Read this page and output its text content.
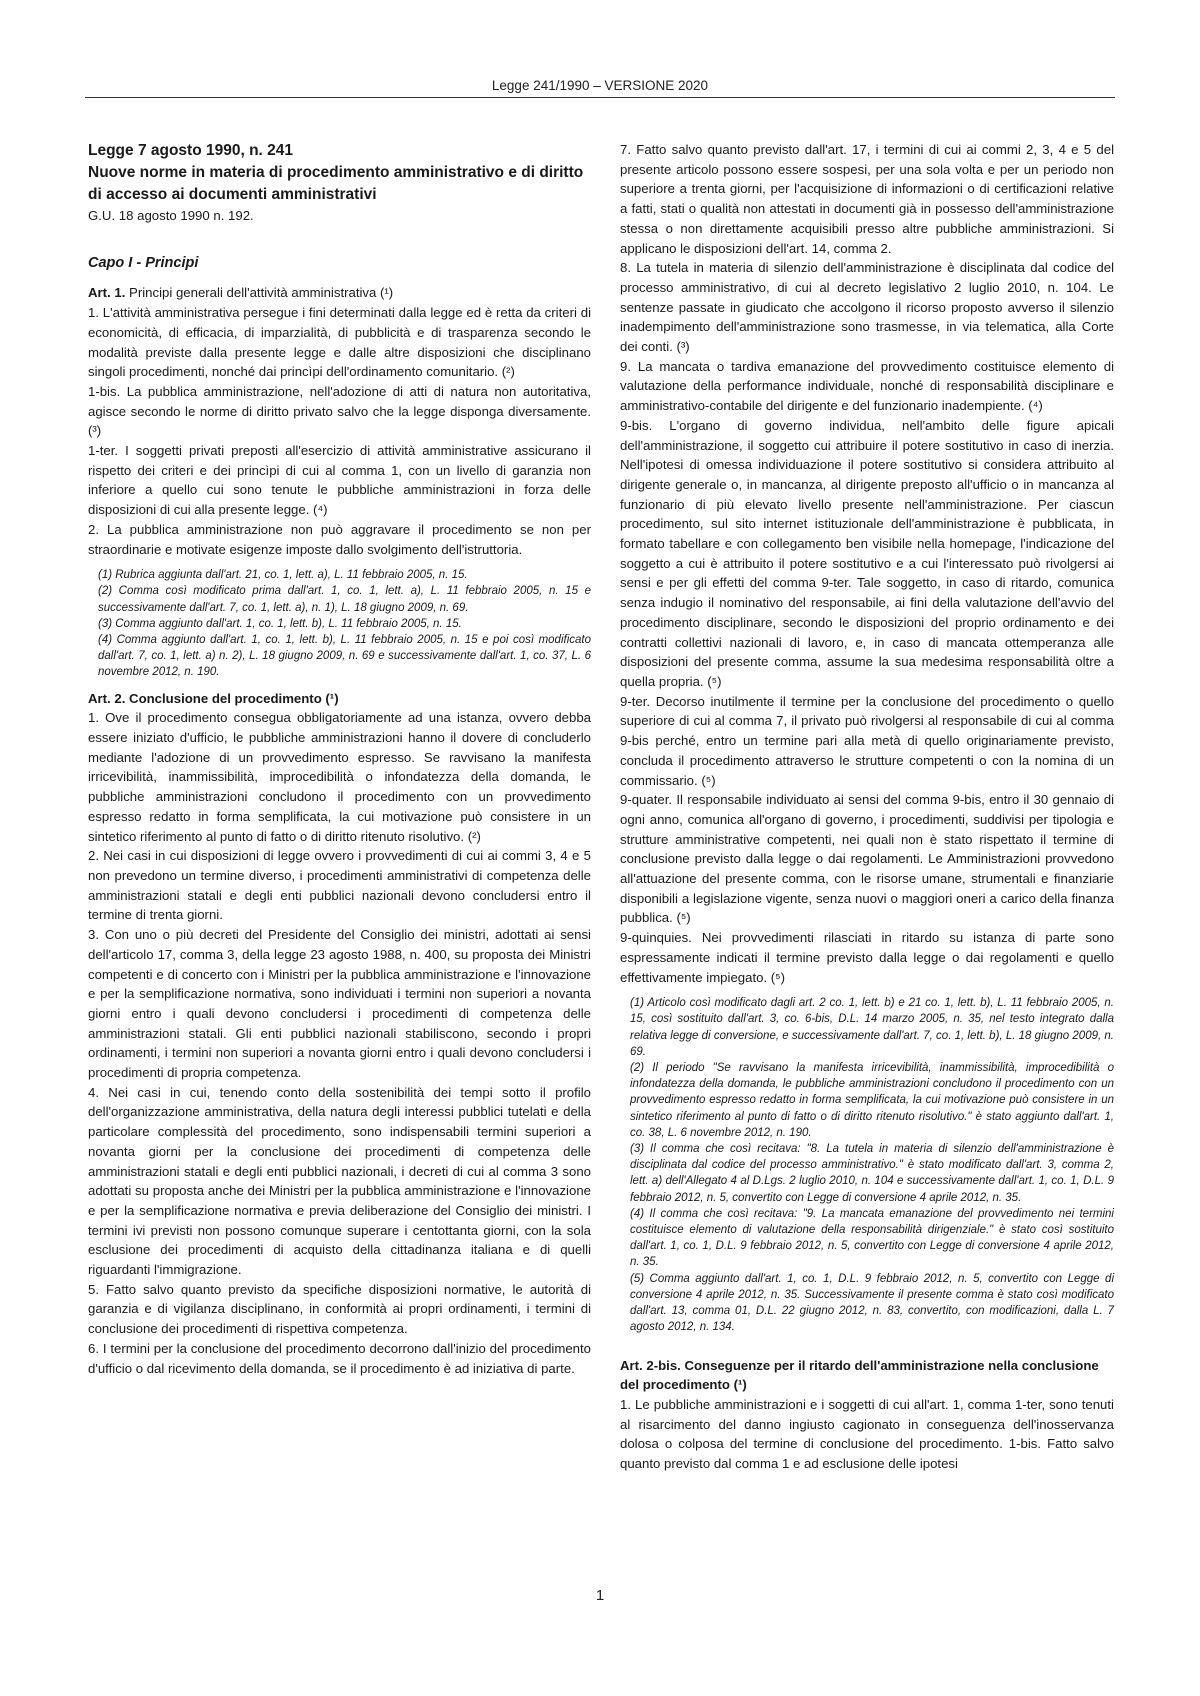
Legge 241/1990 – VERSIONE 2020

Legge 7 agosto 1990, n. 241

Nuove norme in materia di procedimento amministrativo e di diritto di accesso ai documenti amministrativi

G.U. 18 agosto 1990 n. 192.

Capo I - Principi

Art. 1. Principi generali dell'attività amministrativa (¹)

1. L'attività amministrativa persegue i fini determinati dalla legge ed è retta da criteri di economicità, di efficacia, di imparzialità, di pubblicità e di trasparenza secondo le modalità previste dalla presente legge e dalle altre disposizioni che disciplinano singoli procedimenti, nonché dai princìpi dell'ordinamento comunitario. (²)

1-bis. La pubblica amministrazione, nell'adozione di atti di natura non autoritativa, agisce secondo le norme di diritto privato salvo che la legge disponga diversamente. (³)

1-ter. I soggetti privati preposti all'esercizio di attività amministrative assicurano il rispetto dei criteri e dei princìpi di cui al comma 1, con un livello di garanzia non inferiore a quello cui sono tenute le pubbliche amministrazioni in forza delle disposizioni di cui alla presente legge. (⁴)

2. La pubblica amministrazione non può aggravare il procedimento se non per straordinarie e motivate esigenze imposte dallo svolgimento dell'istruttoria.

(1) Rubrica aggiunta dall'art. 21, co. 1, lett. a), L. 11 febbraio 2005, n. 15.

(2) Comma così modificato prima dall'art. 1, co. 1, lett. a), L. 11 febbraio 2005, n. 15 e successivamente dall'art. 7, co. 1, lett. a), n. 1), L. 18 giugno 2009, n. 69.

(3) Comma aggiunto dall'art. 1, co. 1, lett. b), L. 11 febbraio 2005, n. 15.

(4) Comma aggiunto dall'art. 1, co. 1, lett. b), L. 11 febbraio 2005, n. 15 e poi così modificato dall'art. 7, co. 1, lett. a) n. 2), L. 18 giugno 2009, n. 69 e successivamente dall'art. 1, co. 37, L. 6 novembre 2012, n. 190.

Art. 2. Conclusione del procedimento (¹)

1. Ove il procedimento consegua obbligatoriamente ad una istanza, ovvero debba essere iniziato d'ufficio, le pubbliche amministrazioni hanno il dovere di concluderlo mediante l'adozione di un provvedimento espresso. Se ravvisano la manifesta irricevibilità, inammissibilità, improcedibilità o infondatezza della domanda, le pubbliche amministrazioni concludono il procedimento con un provvedimento espresso redatto in forma semplificata, la cui motivazione può consistere in un sintetico riferimento al punto di fatto o di diritto ritenuto risolutivo. (²)

2. Nei casi in cui disposizioni di legge ovvero i provvedimenti di cui ai commi 3, 4 e 5 non prevedono un termine diverso, i procedimenti amministrativi di competenza delle amministrazioni statali e degli enti pubblici nazionali devono concludersi entro il termine di trenta giorni.

3. Con uno o più decreti del Presidente del Consiglio dei ministri, adottati ai sensi dell'articolo 17, comma 3, della legge 23 agosto 1988, n. 400, su proposta dei Ministri competenti e di concerto con i Ministri per la pubblica amministrazione e l'innovazione e per la semplificazione normativa, sono individuati i termini non superiori a novanta giorni entro i quali devono concludersi i procedimenti di competenza delle amministrazioni statali. Gli enti pubblici nazionali stabiliscono, secondo i propri ordinamenti, i termini non superiori a novanta giorni entro i quali devono concludersi i procedimenti di propria competenza.

4. Nei casi in cui, tenendo conto della sostenibilità dei tempi sotto il profilo dell'organizzazione amministrativa, della natura degli interessi pubblici tutelati e della particolare complessità del procedimento, sono indispensabili termini superiori a novanta giorni per la conclusione dei procedimenti di competenza delle amministrazioni statali e degli enti pubblici nazionali, i decreti di cui al comma 3 sono adottati su proposta anche dei Ministri per la pubblica amministrazione e l'innovazione e per la semplificazione normativa e previa deliberazione del Consiglio dei ministri. I termini ivi previsti non possono comunque superare i centottanta giorni, con la sola esclusione dei procedimenti di acquisto della cittadinanza italiana e di quelli riguardanti l'immigrazione.

5. Fatto salvo quanto previsto da specifiche disposizioni normative, le autorità di garanzia e di vigilanza disciplinano, in conformità ai propri ordinamenti, i termini di conclusione dei procedimenti di rispettiva competenza.

6. I termini per la conclusione del procedimento decorrono dall'inizio del procedimento d'ufficio o dal ricevimento della domanda, se il procedimento è ad iniziativa di parte.

7. Fatto salvo quanto previsto dall'art. 17, i termini di cui ai commi 2, 3, 4 e 5 del presente articolo possono essere sospesi, per una sola volta e per un periodo non superiore a trenta giorni, per l'acquisizione di informazioni o di certificazioni relative a fatti, stati o qualità non attestati in documenti già in possesso dell'amministrazione stessa o non direttamente acquisibili presso altre pubbliche amministrazioni. Si applicano le disposizioni dell'art. 14, comma 2.

8. La tutela in materia di silenzio dell'amministrazione è disciplinata dal codice del processo amministrativo, di cui al decreto legislativo 2 luglio 2010, n. 104. Le sentenze passate in giudicato che accolgono il ricorso proposto avverso il silenzio inadempimento dell'amministrazione sono trasmesse, in via telematica, alla Corte dei conti. (³)

9. La mancata o tardiva emanazione del provvedimento costituisce elemento di valutazione della performance individuale, nonché di responsabilità disciplinare e amministrativo-contabile del dirigente e del funzionario inadempiente. (⁴)

9-bis. L'organo di governo individua, nell'ambito delle figure apicali dell'amministrazione, il soggetto cui attribuire il potere sostitutivo in caso di inerzia. Nell'ipotesi di omessa individuazione il potere sostitutivo si considera attribuito al dirigente generale o, in mancanza, al dirigente preposto all'ufficio o in mancanza al funzionario di più elevato livello presente nell'amministrazione. Per ciascun procedimento, sul sito internet istituzionale dell'amministrazione è pubblicata, in formato tabellare e con collegamento ben visibile nella homepage, l'indicazione del soggetto a cui è attribuito il potere sostitutivo e a cui l'interessato può rivolgersi ai sensi e per gli effetti del comma 9-ter. Tale soggetto, in caso di ritardo, comunica senza indugio il nominativo del responsabile, ai fini della valutazione dell'avvio del procedimento disciplinare, secondo le disposizioni del proprio ordinamento e dei contratti collettivi nazionali di lavoro, e, in caso di mancata ottemperanza alle disposizioni del presente comma, assume la sua medesima responsabilità oltre a quella propria. (⁵)

9-ter. Decorso inutilmente il termine per la conclusione del procedimento o quello superiore di cui al comma 7, il privato può rivolgersi al responsabile di cui al comma 9-bis perché, entro un termine pari alla metà di quello originariamente previsto, concluda il procedimento attraverso le strutture competenti o con la nomina di un commissario. (⁵)

9-quater. Il responsabile individuato ai sensi del comma 9-bis, entro il 30 gennaio di ogni anno, comunica all'organo di governo, i procedimenti, suddivisi per tipologia e strutture amministrative competenti, nei quali non è stato rispettato il termine di conclusione previsto dalla legge o dai regolamenti. Le Amministrazioni provvedono all'attuazione del presente comma, con le risorse umane, strumentali e finanziarie disponibili a legislazione vigente, senza nuovi o maggiori oneri a carico della finanza pubblica. (⁵)

9-quinquies. Nei provvedimenti rilasciati in ritardo su istanza di parte sono espressamente indicati il termine previsto dalla legge o dai regolamenti e quello effettivamente impiegato. (⁵)

(1) Articolo così modificato dagli art. 2 co. 1, lett. b) e 21 co. 1, lett. b), L. 11 febbraio 2005, n. 15, così sostituito dall'art. 3, co. 6-bis, D.L. 14 marzo 2005, n. 35, nel testo integrato dalla relativa legge di conversione, e successivamente dall'art. 7, co. 1, lett. b), L. 18 giugno 2009, n. 69.

(2) Il periodo "Se ravvisano la manifesta irricevibilità, inammissibilità, improcedibilità o infondatezza della domanda, le pubbliche amministrazioni concludono il procedimento con un provvedimento espresso redatto in forma semplificata, la cui motivazione può consistere in un sintetico riferimento al punto di fatto o di diritto ritenuto risolutivo." è stato aggiunto dall'art. 1, co. 38, L. 6 novembre 2012, n. 190.

(3) Il comma che così recitava: "8. La tutela in materia di silenzio dell'amministrazione è disciplinata dal codice del processo amministrativo." è stato modificato dall'art. 3, comma 2, lett. a) dell'Allegato 4 al D.Lgs. 2 luglio 2010, n. 104 e successivamente dall'art. 1, co. 1, D.L. 9 febbraio 2012, n. 5, convertito con Legge di conversione 4 aprile 2012, n. 35.

(4) Il comma che così recitava: "9. La mancata emanazione del provvedimento nei termini costituisce elemento di valutazione della responsabilità dirigenziale." è stato così sostituito dall'art. 1, co. 1, D.L. 9 febbraio 2012, n. 5, convertito con Legge di conversione 4 aprile 2012, n. 35.

(5) Comma aggiunto dall'art. 1, co. 1, D.L. 9 febbraio 2012, n. 5, convertito con Legge di conversione 4 aprile 2012, n. 35. Successivamente il presente comma è stato così modificato dall'art. 13, comma 01, D.L. 22 giugno 2012, n. 83, convertito, con modificazioni, dalla L. 7 agosto 2012, n. 134.

Art. 2-bis. Conseguenze per il ritardo dell'amministrazione nella conclusione del procedimento (¹)

1. Le pubbliche amministrazioni e i soggetti di cui all'art. 1, comma 1-ter, sono tenuti al risarcimento del danno ingiusto cagionato in conseguenza dell'inosservanza dolosa o colposa del termine di conclusione del procedimento. 1-bis. Fatto salvo quanto previsto dal comma 1 e ad esclusione delle ipotesi

1
